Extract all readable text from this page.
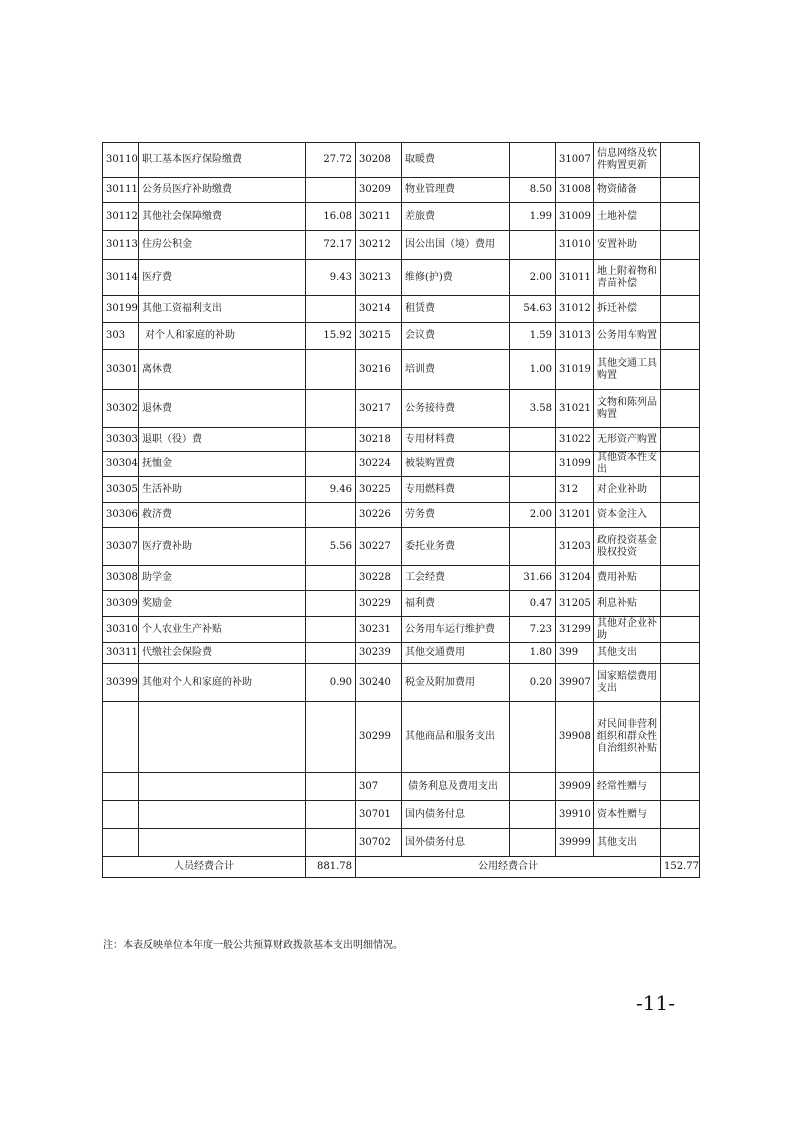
30110	职工基本医疗保险缴费	27.72	30208	取暖费		31007	信息网络及软件购置更新	
30111	公务员医疗补助缴费		30209	物业管理费	8.50	31008	物资储备	
30112	其他社会保障缴费	16.08	30211	差旅费	1.99	31009	土地补偿	
30113	住房公积金	72.17	30212	因公出国（境）费用		31010	安置补助	
30114	医疗费	9.43	30213	维修(护)费	2.00	31011	地上附着物和青苗补偿	
30199	其他工资福利支出		30214	租赁费	54.63	31012	拆迁补偿	
303	对个人和家庭的补助	15.92	30215	会议费	1.59	31013	公务用车购置	
30301	离休费		30216	培训费	1.00	31019	其他交通工具购置	
30302	退休费		30217	公务接待费	3.58	31021	文物和陈列品购置	
30303	退职（役）费		30218	专用材料费		31022	无形资产购置	
30304	抚恤金		30224	被装购置费		31099	其他资本性支出	
30305	生活补助	9.46	30225	专用燃料费		312	对企业补助	
30306	救济费		30226	劳务费	2.00	31201	资本金注入	
30307	医疗费补助	5.56	30227	委托业务费		31203	政府投资基金股权投资	
30308	助学金		30228	工会经费	31.66	31204	费用补贴	
30309	奖励金		30229	福利费	0.47	31205	利息补贴	
30310	个人农业生产补贴		30231	公务用车运行维护费	7.23	31299	其他对企业补助	
30311	代缴社会保险费		30239	其他交通费用	1.80	399	其他支出	
30399	其他对个人和家庭的补助	0.90	30240	税金及附加费用	0.20	39907	国家赔偿费用支出	
			30299	其他商品和服务支出		39908	对民间非营利组织和群众性自治组织补贴	
			307	债务利息及费用支出		39909	经常性赠与	
			30701	国内债务付息		39910	资本性赠与	
			30702	国外债务付息		39999	其他支出	
人员经费合计		881.78	公用经费合计					152.77
注：本表反映单位本年度一般公共预算财政拨款基本支出明细情况。
-11-
